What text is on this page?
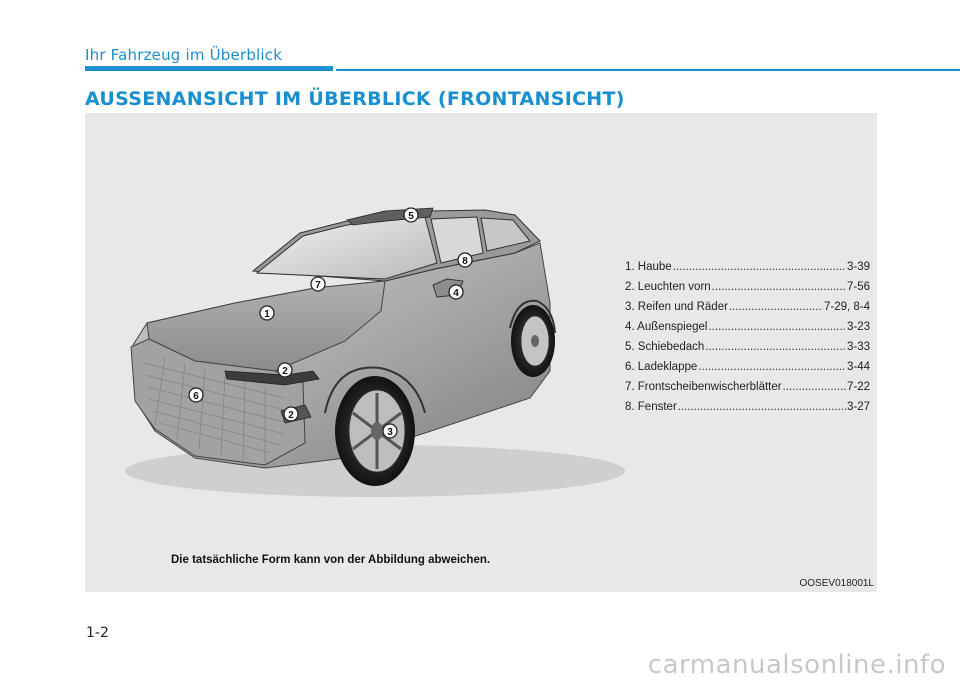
Ihr Fahrzeug im Überblick
AUSSENANSICHT IM ÜBERBLICK (FRONTANSICHT)
5
8
7
4
1
2
6
2
3
1. Haube .....	3-39
2. Leuchten vorn .....	7-56
3. Reifen und Räder .....	7-29, 8-4
4. Außenspiegel .....	3-23
5. Schiebedach .....	3-33
6. Ladeklappe .....	3-44
7. Frontscheibenwischerblätter .....	7-22
8. Fenster .....	3-27
Die tatsächliche Form kann von der Abbildung abweichen.
OOSEV018001L
1-2
carmanualsonline.info
